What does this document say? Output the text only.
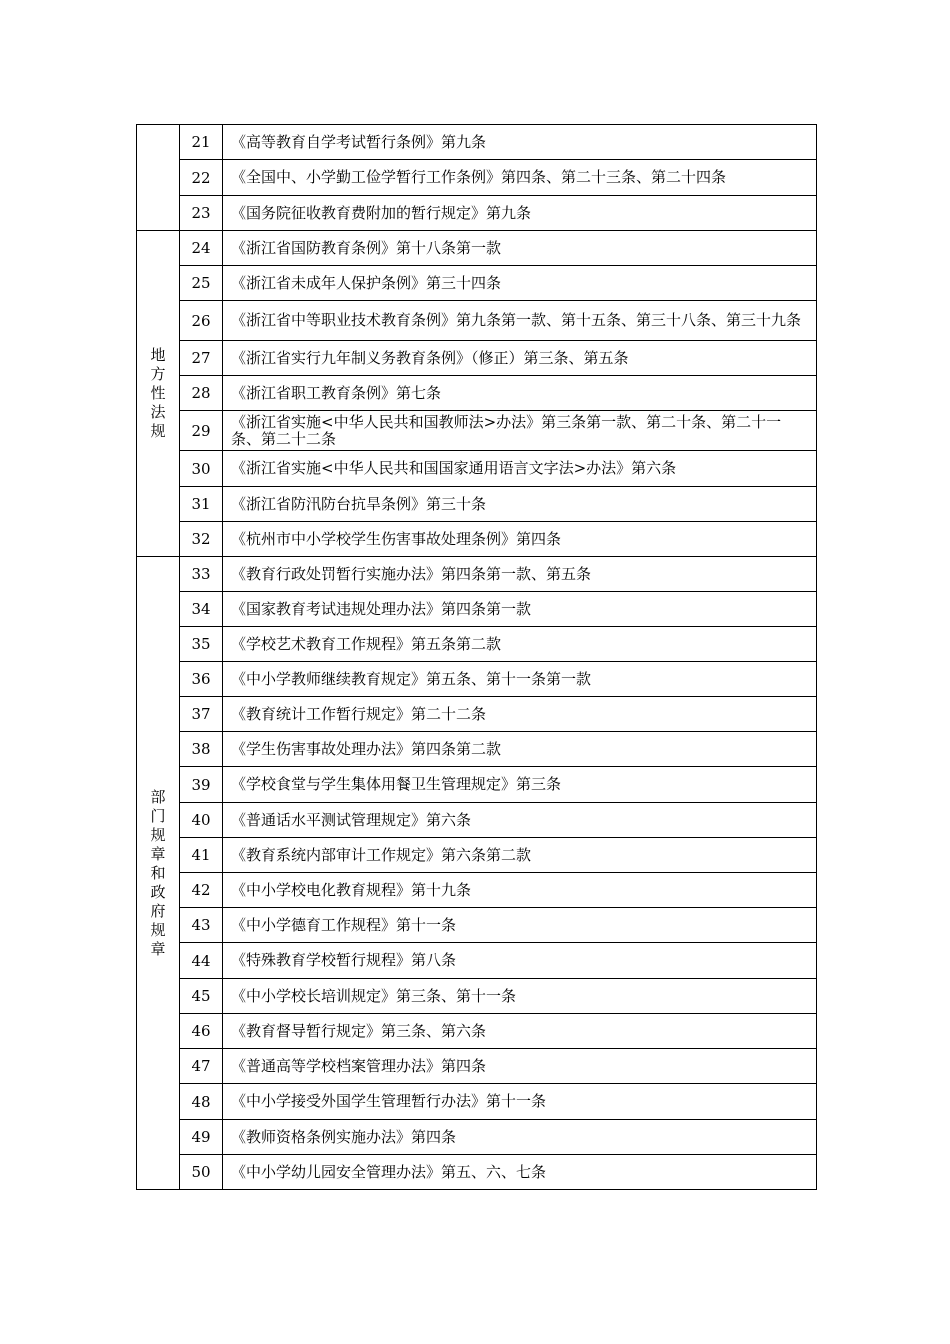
	21	《高等教育自学考试暂行条例》第九条
	22	《全国中、小学勤工俭学暂行工作条例》第四条、第二十三条、第二十四条
	23	《国务院征收教育费附加的暂行规定》第九条
地方性法规	24	《浙江省国防教育条例》第十八条第一款
	25	《浙江省未成年人保护条例》第三十四条
	26	《浙江省中等职业技术教育条例》第九条第一款、第十五条、第三十八条、第三十九条
	27	《浙江省实行九年制义务教育条例》（修正）第三条、第五条
	28	《浙江省职工教育条例》第七条
	29	《浙江省实施<中华人民共和国教师法>办法》第三条第一款、第二十条、第二十一条、第二十二条
	30	《浙江省实施<中华人民共和国国家通用语言文字法>办法》第六条
	31	《浙江省防汛防台抗旱条例》第三十条
	32	《杭州市中小学校学生伤害事故处理条例》第四条
部门规章和政府规章	33	《教育行政处罚暂行实施办法》第四条第一款、第五条
	34	《国家教育考试违规处理办法》第四条第一款
	35	《学校艺术教育工作规程》第五条第二款
	36	《中小学教师继续教育规定》第五条、第十一条第一款
	37	《教育统计工作暂行规定》第二十二条
	38	《学生伤害事故处理办法》第四条第二款
	39	《学校食堂与学生集体用餐卫生管理规定》第三条
	40	《普通话水平测试管理规定》第六条
	41	《教育系统内部审计工作规定》第六条第二款
	42	《中小学校电化教育规程》第十九条
	43	《中小学德育工作规程》第十一条
	44	《特殊教育学校暂行规程》第八条
	45	《中小学校长培训规定》第三条、第十一条
	46	《教育督导暂行规定》第三条、第六条
	47	《普通高等学校档案管理办法》第四条
	48	《中小学接受外国学生管理暂行办法》第十一条
	49	《教师资格条例实施办法》第四条
	50	《中小学幼儿园安全管理办法》第五、六、七条
